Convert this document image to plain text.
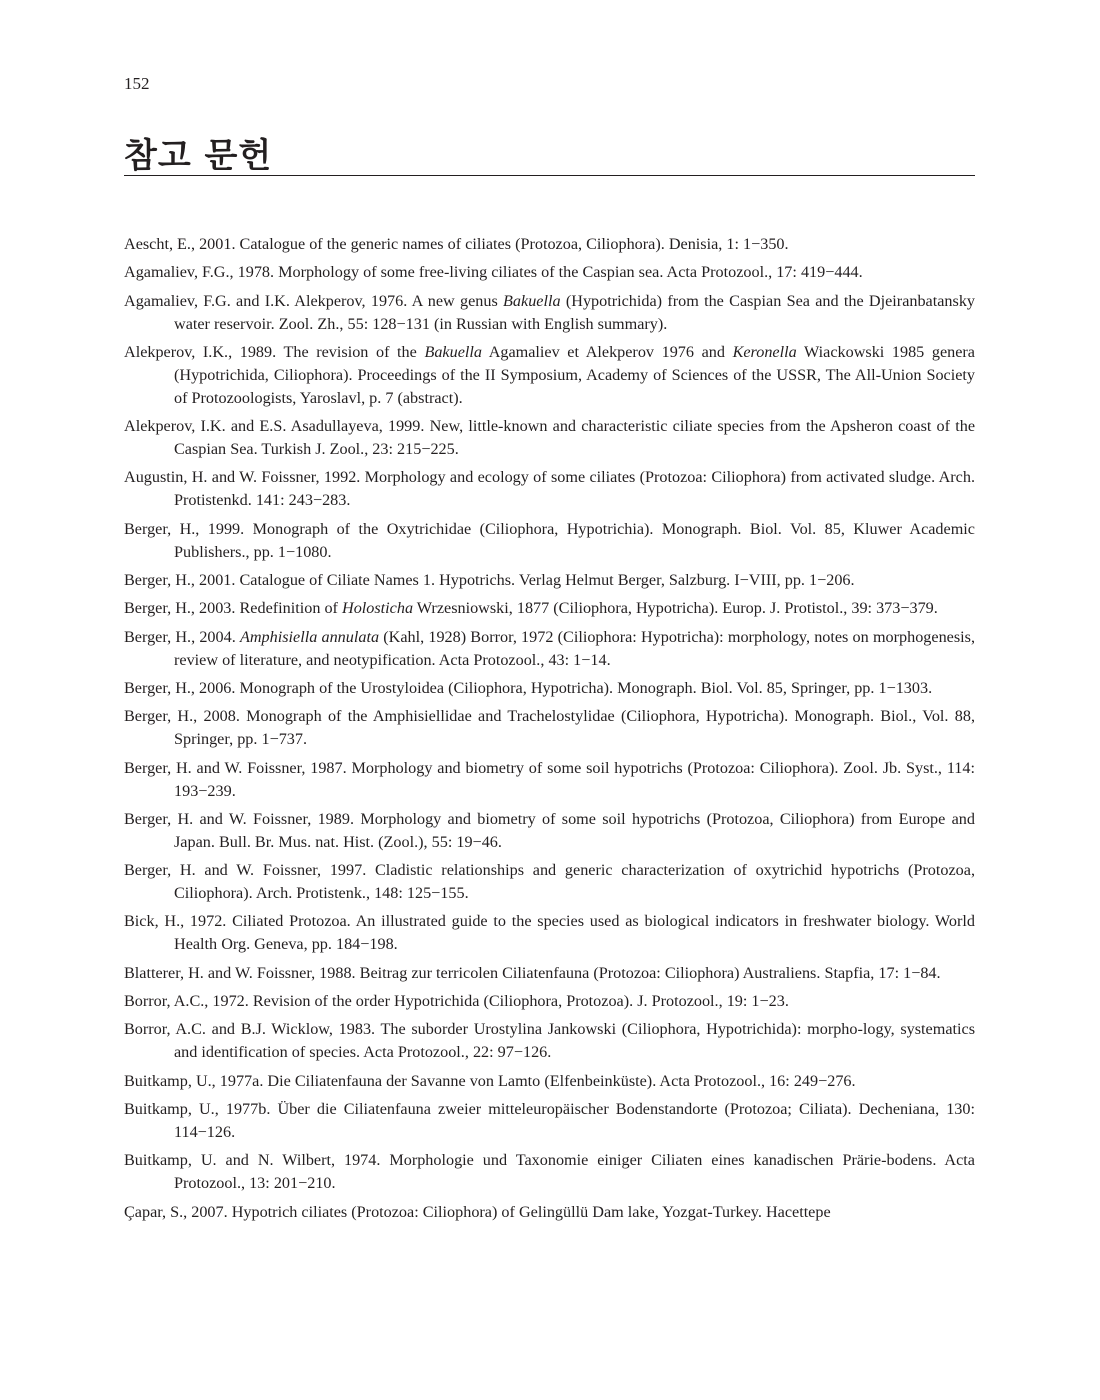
152
참고 문헌
Aescht, E., 2001. Catalogue of the generic names of ciliates (Protozoa, Ciliophora). Denisia, 1: 1−350.
Agamaliev, F.G., 1978. Morphology of some free-living ciliates of the Caspian sea. Acta Protozool., 17: 419−444.
Agamaliev, F.G. and I.K. Alekperov, 1976. A new genus Bakuella (Hypotrichida) from the Caspian Sea and the Djeiranbatansky water reservoir. Zool. Zh., 55: 128−131 (in Russian with English summary).
Alekperov, I.K., 1989. The revision of the Bakuella Agamaliev et Alekperov 1976 and Keronella Wiackowski 1985 genera (Hypotrichida, Ciliophora). Proceedings of the II Symposium, Academy of Sciences of the USSR, The All-Union Society of Protozoologists, Yaroslavl, p. 7 (abstract).
Alekperov, I.K. and E.S. Asadullayeva, 1999. New, little-known and characteristic ciliate species from the Apsheron coast of the Caspian Sea. Turkish J. Zool., 23: 215−225.
Augustin, H. and W. Foissner, 1992. Morphology and ecology of some ciliates (Protozoa: Ciliophora) from activated sludge. Arch. Protistenkd. 141: 243−283.
Berger, H., 1999. Monograph of the Oxytrichidae (Ciliophora, Hypotrichia). Monograph. Biol. Vol. 85, Kluwer Academic Publishers., pp. 1−1080.
Berger, H., 2001. Catalogue of Ciliate Names 1. Hypotrichs. Verlag Helmut Berger, Salzburg. I−VIII, pp. 1−206.
Berger, H., 2003. Redefinition of Holosticha Wrzesniowski, 1877 (Ciliophora, Hypotricha). Europ. J. Protistol., 39: 373−379.
Berger, H., 2004. Amphisiella annulata (Kahl, 1928) Borror, 1972 (Ciliophora: Hypotricha): morphology, notes on morphogenesis, review of literature, and neotypification. Acta Protozool., 43: 1−14.
Berger, H., 2006. Monograph of the Urostyloidea (Ciliophora, Hypotricha). Monograph. Biol. Vol. 85, Springer, pp. 1−1303.
Berger, H., 2008. Monograph of the Amphisiellidae and Trachelostylidae (Ciliophora, Hypotricha). Monograph. Biol., Vol. 88, Springer, pp. 1−737.
Berger, H. and W. Foissner, 1987. Morphology and biometry of some soil hypotrichs (Protozoa: Ciliophora). Zool. Jb. Syst., 114: 193−239.
Berger, H. and W. Foissner, 1989. Morphology and biometry of some soil hypotrichs (Protozoa, Ciliophora) from Europe and Japan. Bull. Br. Mus. nat. Hist. (Zool.), 55: 19−46.
Berger, H. and W. Foissner, 1997. Cladistic relationships and generic characterization of oxytrichid hypotrichs (Protozoa, Ciliophora). Arch. Protistenk., 148: 125−155.
Bick, H., 1972. Ciliated Protozoa. An illustrated guide to the species used as biological indicators in freshwater biology. World Health Org. Geneva, pp. 184−198.
Blatterer, H. and W. Foissner, 1988. Beitrag zur terricolen Ciliatenfauna (Protozoa: Ciliophora) Australiens. Stapfia, 17: 1−84.
Borror, A.C., 1972. Revision of the order Hypotrichida (Ciliophora, Protozoa). J. Protozool., 19: 1−23.
Borror, A.C. and B.J. Wicklow, 1983. The suborder Urostylina Jankowski (Ciliophora, Hypotrichida): morpho-logy, systematics and identification of species. Acta Protozool., 22: 97−126.
Buitkamp, U., 1977a. Die Ciliatenfauna der Savanne von Lamto (Elfenbeinküste). Acta Protozool., 16: 249−276.
Buitkamp, U., 1977b. Über die Ciliatenfauna zweier mitteleuropäischer Bodenstandorte (Protozoa; Ciliata). Decheniana, 130: 114−126.
Buitkamp, U. and N. Wilbert, 1974. Morphologie und Taxonomie einiger Ciliaten eines kanadischen Prärie-bodens. Acta Protozool., 13: 201−210.
Çapar, S., 2007. Hypotrich ciliates (Protozoa: Ciliophora) of Gelingüllü Dam lake, Yozgat-Turkey. Hacettepe
